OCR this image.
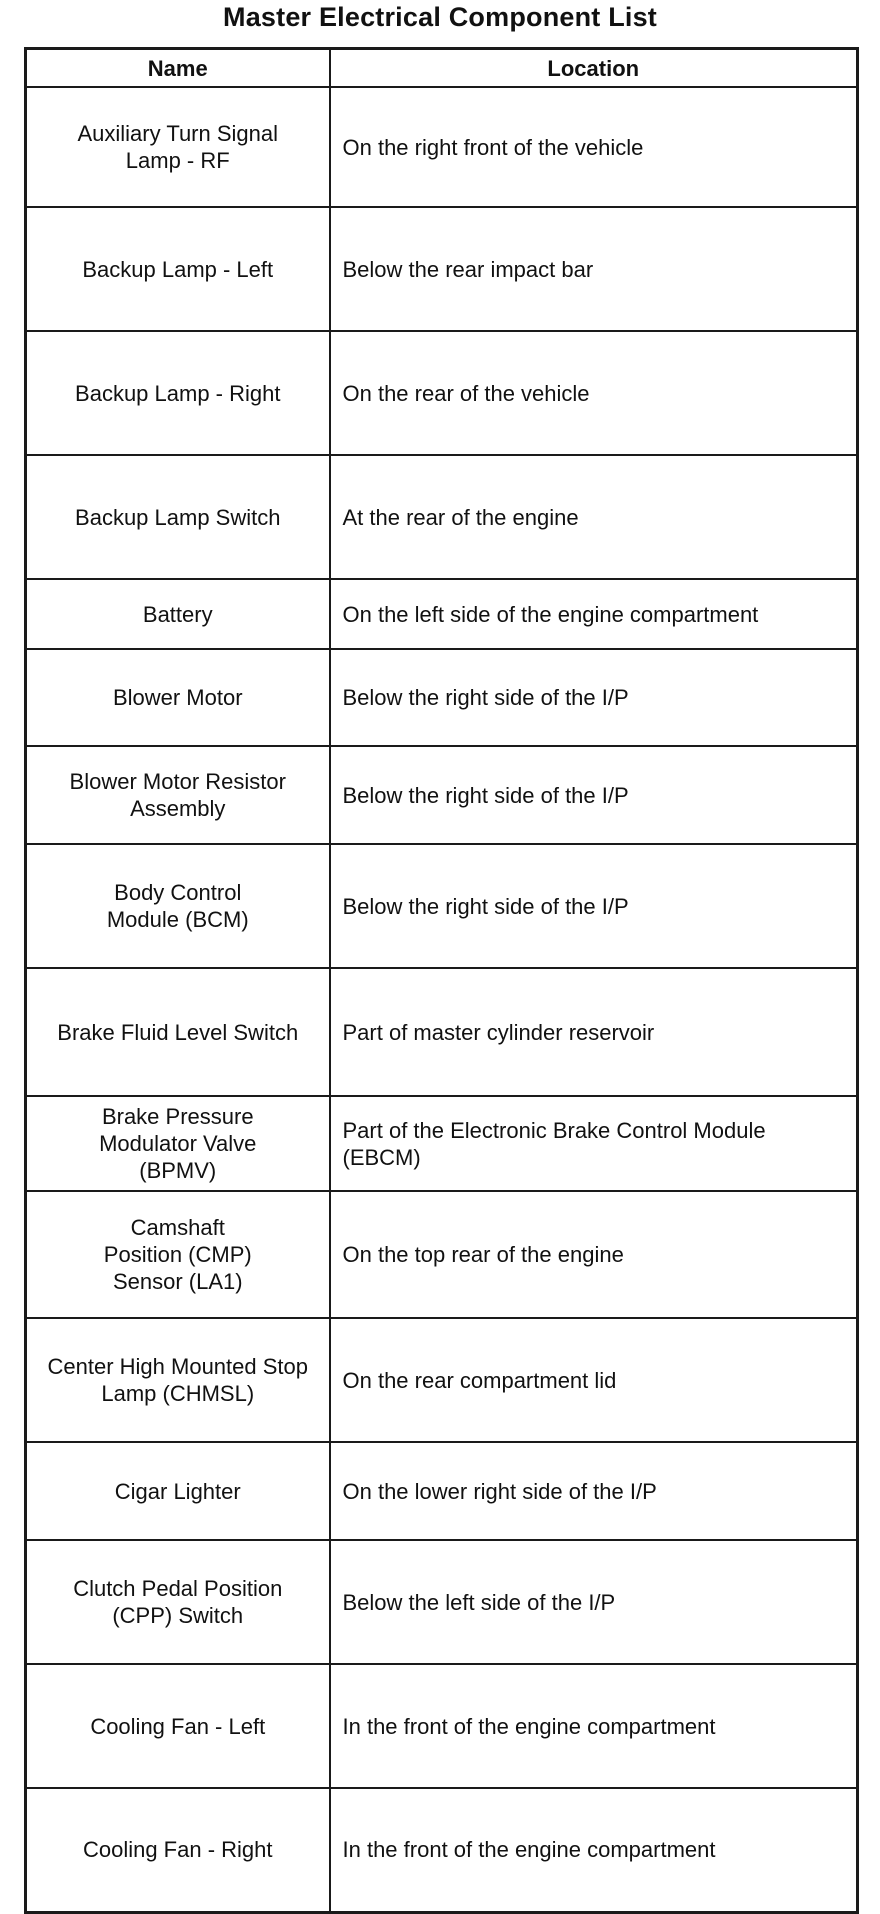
Master Electrical Component List
Name	Location
Auxiliary Turn Signal Lamp - RF	On the right front of the vehicle
Backup Lamp - Left	Below the rear impact bar
Backup Lamp - Right	On the rear of the vehicle
Backup Lamp Switch	At the rear of the engine
Battery	On the left side of the engine compartment
Blower Motor	Below the right side of the I/P
Blower Motor Resistor Assembly	Below the right side of the I/P
Body Control Module (BCM)	Below the right side of the I/P
Brake Fluid Level Switch	Part of master cylinder reservoir
Brake Pressure Modulator Valve (BPMV)	Part of the Electronic Brake Control Module (EBCM)
Camshaft Position (CMP) Sensor (LA1)	On the top rear of the engine
Center High Mounted Stop Lamp (CHMSL)	On the rear compartment lid
Cigar Lighter	On the lower right side of the I/P
Clutch Pedal Position (CPP) Switch	Below the left side of the I/P
Cooling Fan - Left	In the front of the engine compartment
Cooling Fan - Right	In the front of the engine compartment
